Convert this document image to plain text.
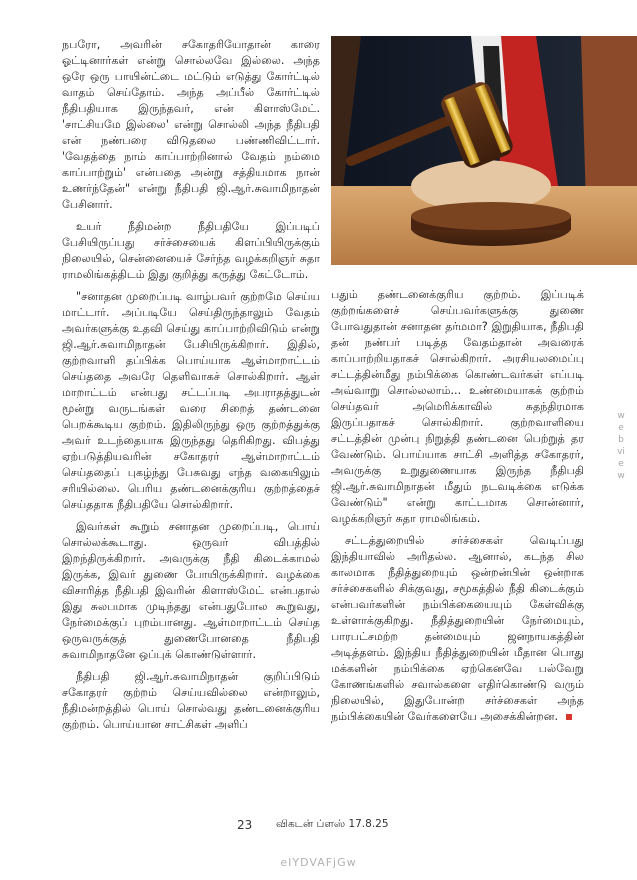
நபரோ, அவரின் சகோதரியோதான் காரை ஓட்டினார்கள் என்று சொல்லவே இல்லை. அந்த ஒரே ஒரு பாயின்ட்டை மட்டும் எடுத்து கோர்ட்டில் வாதம் செய்தோம். அந்த அப்பீல் கோர்ட்டில் நீதிபதியாக இருந்தவர், என் கிளாஸ்மேட். 'சாட்சியமே இல்லை' என்று சொல்லி அந்த நீதிபதி என் நண்பரை விடுதலை பண்ணிவிட்டார். 'வேதத்தை நாம் காப்பாற்றினால் வேதம் நம்மை காப்பாற்றும்' என்பதை அன்று சத்தியமாக நான் உணர்ந்தேன்" என்று நீதிபதி ஜி.ஆர்.சுவாமிநாதன் பேசினார்.

உயர் நீதிமன்ற நீதிபதியே இப்படிப் பேசியிருப்பது சர்ச்சையைக் கிளப்பியிருக்கும் நிலையில், சென்னையைச் சேர்ந்த வழக்கறிஞர் சுதா ராமலிங்கத்திடம் இது குறித்து கருத்து கேட்டோம்.

"சனாதன முறைப்படி வாழ்பவர் குற்றமே செய்ய மாட்டார். அப்படியே செய்திருந்தாலும் வேதம் அவர்களுக்கு உதவி செய்து காப்பாற்றிவிடும் என்று ஜி.ஆர்.சுவாமிநாதன் பேசியிருக்கிறார். இதில், குற்றவாளி தப்பிக்க பொய்யாக ஆள்மாறாட்டம் செய்ததை அவரே தெளிவாகச் சொல்கிறார். ஆள் மாறாட்டம் என்பது சட்டப்படி அபராதத்துடன் மூன்று வருடங்கள் வரை சிறைத் தண்டனை பெறக்கூடிய குற்றம். இதிலிருந்து ஒரு குற்றத்துக்கு அவர் உடந்தையாக இருந்தது தெரிகிறது. விபத்து ஏற்படுத்தியவரின் சகோதரர் ஆள்மாறாட்டம் செய்ததைப் புகழ்ந்து பேசுவது எந்த வகையிலும் சரியில்லை. பெரிய தண்டனைக்குரிய குற்றத்தைச் செய்ததாக நீதிபதியே சொல்கிறார்.

இவர்கள் கூறும் சனாதன முறைப்படி, பொய் சொல்லக்கூடாது. ஒருவர் விபத்தில் இறந்திருக்கிறார். அவருக்கு நீதி கிடைக்காமல் இருக்க, இவர் துணை போயிருக்கிறார். வழக்கை விசாரித்த நீதிபதி இவரின் கிளாஸ்மேட் என்பதால் இது சுலபமாக முடிந்தது என்பதுபோல கூறுவது, நேர்மைக்குப் புறம்பானது. ஆள்மாறாட்டம் செய்த ஒருவருக்குத் துணைபோனதை நீதிபதி சுவாமிநாதனே ஒப்புக் கொண்டுள்ளார்.

நீதிபதி ஜி.ஆர்.சுவாமிநாதன் குறிப்பிடும் சகோதரர் குற்றம் செய்யவில்லை என்றாலும், நீதிமன்றத்தில் பொய் சொல்வது தண்டனைக்குரிய குற்றம். பொய்யான சாட்சிகள் அளிப்

பதும் தண்டனைக்குரிய குற்றம். இப்படிக் குற்றங்களைச் செய்பவர்களுக்கு துணை போவதுதான் சனாதன தர்மமா? இறுதியாக, நீதிபதி தன் நண்பர் படித்த வேதம்தான் அவரைக் காப்பாற்றியதாகச் சொல்கிறார். அரசியலமைப்பு சட்டத்தின்மீது நம்பிக்கை கொண்டவர்கள் எப்படி அவ்வாறு சொல்லலாம்... உண்மையாகக் குற்றம் செய்தவர் அமெரிக்காவில் சுதந்திரமாக இருப்பதாகச் சொல்கிறார். குற்றவாளியை சட்டத்தின் முன்பு நிறுத்தி தண்டனை பெற்றுத் தர வேண்டும். பொய்யாக சாட்சி அளித்த சகோதரர், அவருக்கு உறுதுணையாக இருந்த நீதிபதி ஜி.ஆர்.சுவாமிநாதன் மீதும் நடவடிக்கை எடுக்க வேண்டும்" என்று காட்டமாக சொன்னார், வழக்கறிஞர் சுதா ராமலிங்கம்.

சட்டத்துறையில் சர்ச்சைகள் வெடிப்பது இந்தியாவில் அரிதல்ல. ஆனால், கடந்த சில காலமாக நீதித்துறையும் ஒன்றன்பின் ஒன்றாக சர்ச்சைகளில் சிக்குவது, சமூகத்தில் நீதி கிடைக்கும் என்பவர்களின் நம்பிக்கையையும் கேள்விக்கு உள்ளாக்குகிறது. நீதித்துறையின் நேர்மையும், பாரபட்சமற்ற தன்மையும் ஜனநாயகத்தின் அடித்தளம். இந்திய நீதித்துறையின் மீதான பொது மக்களின் நம்பிக்கை ஏற்கெனவே பல்வேறு கோணங்களில் சவால்களை எதிர்கொண்டு வரும் நிலையில், இதுபோன்ற சர்ச்சைகள் அந்த நம்பிக்கையின் வேர்களையே அசைக்கின்றன.

webview
23 விகடன் ப்ளஸ் 17.8.25
eIYDVAFjGw
